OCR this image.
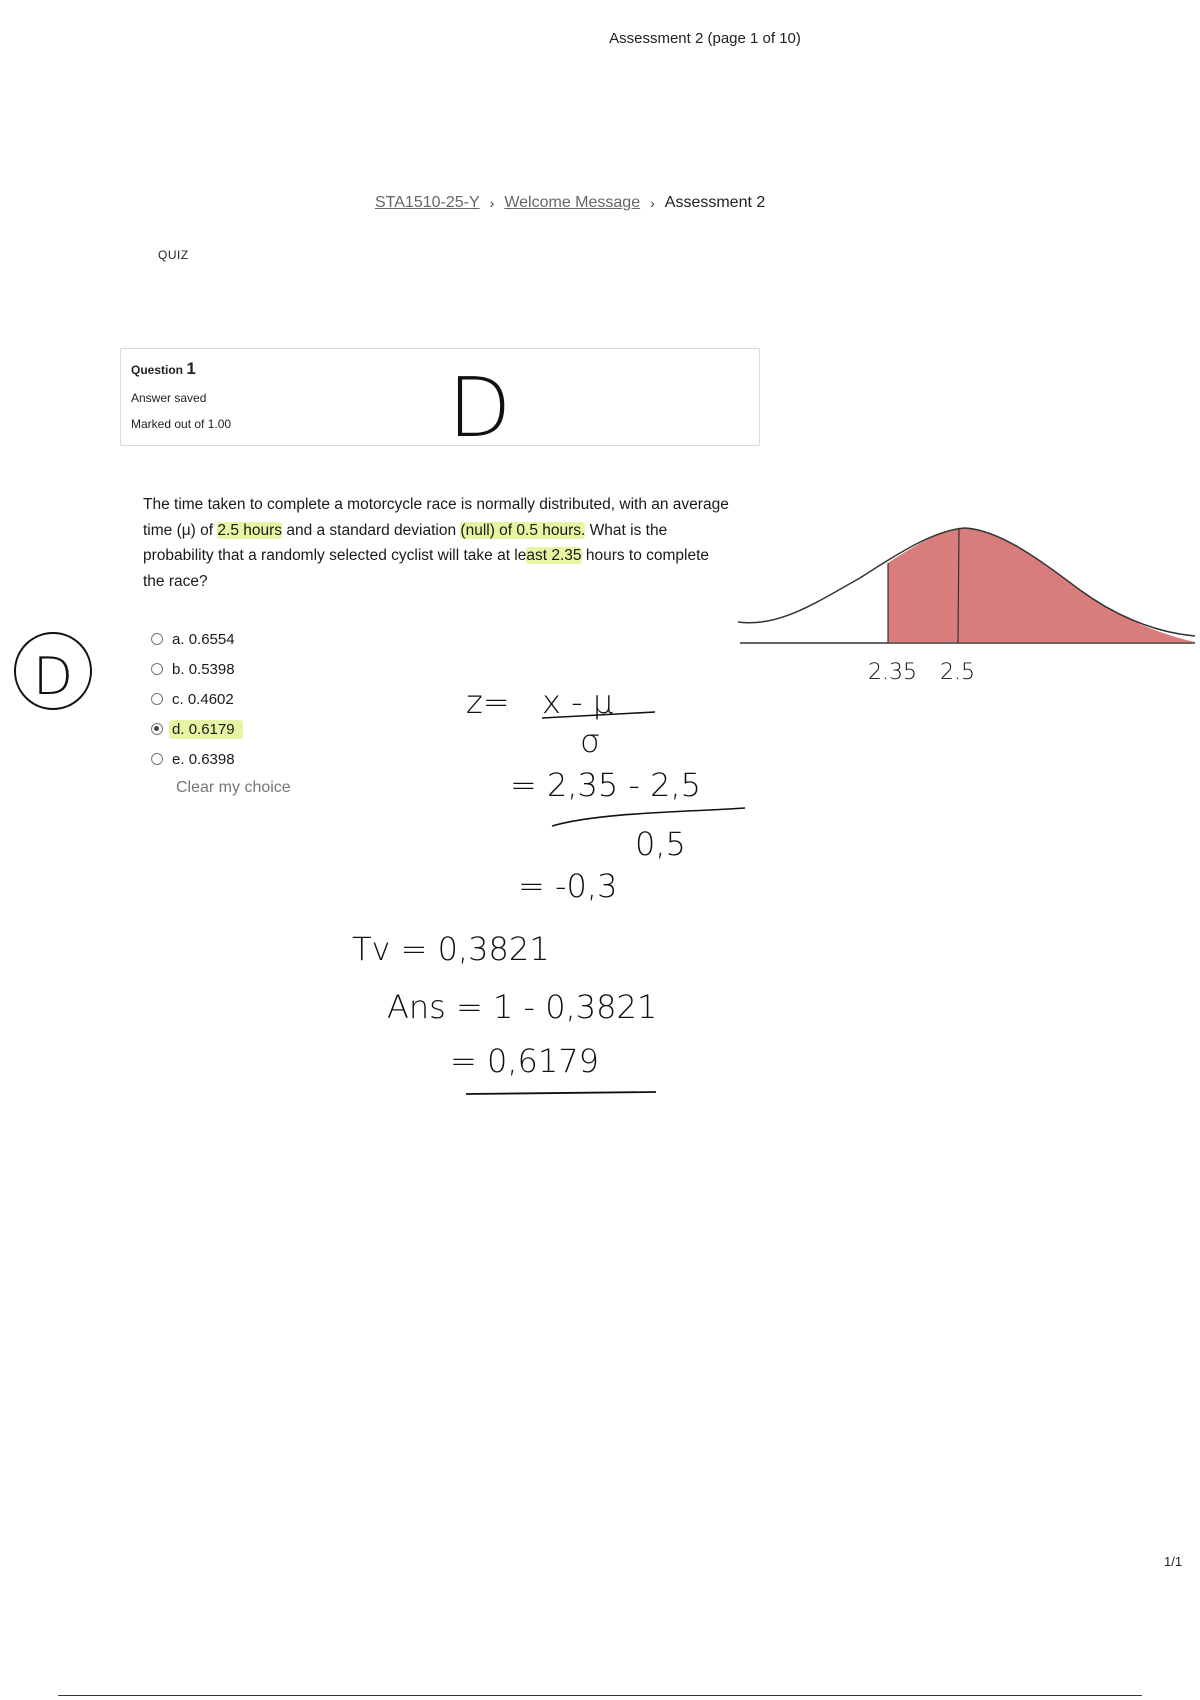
Assessment 2 (page 1 of 10)
STA1510-25-Y › Welcome Message › Assessment 2
QUIZ
Question 1
Answer saved
Marked out of 1.00
The time taken to complete a motorcycle race is normally distributed, with an average time (μ) of 2.5 hours and a standard deviation (null) of 0.5 hours. What is the probability that a randomly selected cyclist will take at least 2.35 hours to complete the race?
a. 0.6554
b. 0.5398
c. 0.4602
d. 0.6179
e. 0.6398
Clear my choice
D
D	2.35 2.5
z= x - μ
σ
= 2,35 - 2,5
0,5
= -0,3
Tv = 0,3821
Ans = 1 - 0,3821
= 0,6179
1/1
